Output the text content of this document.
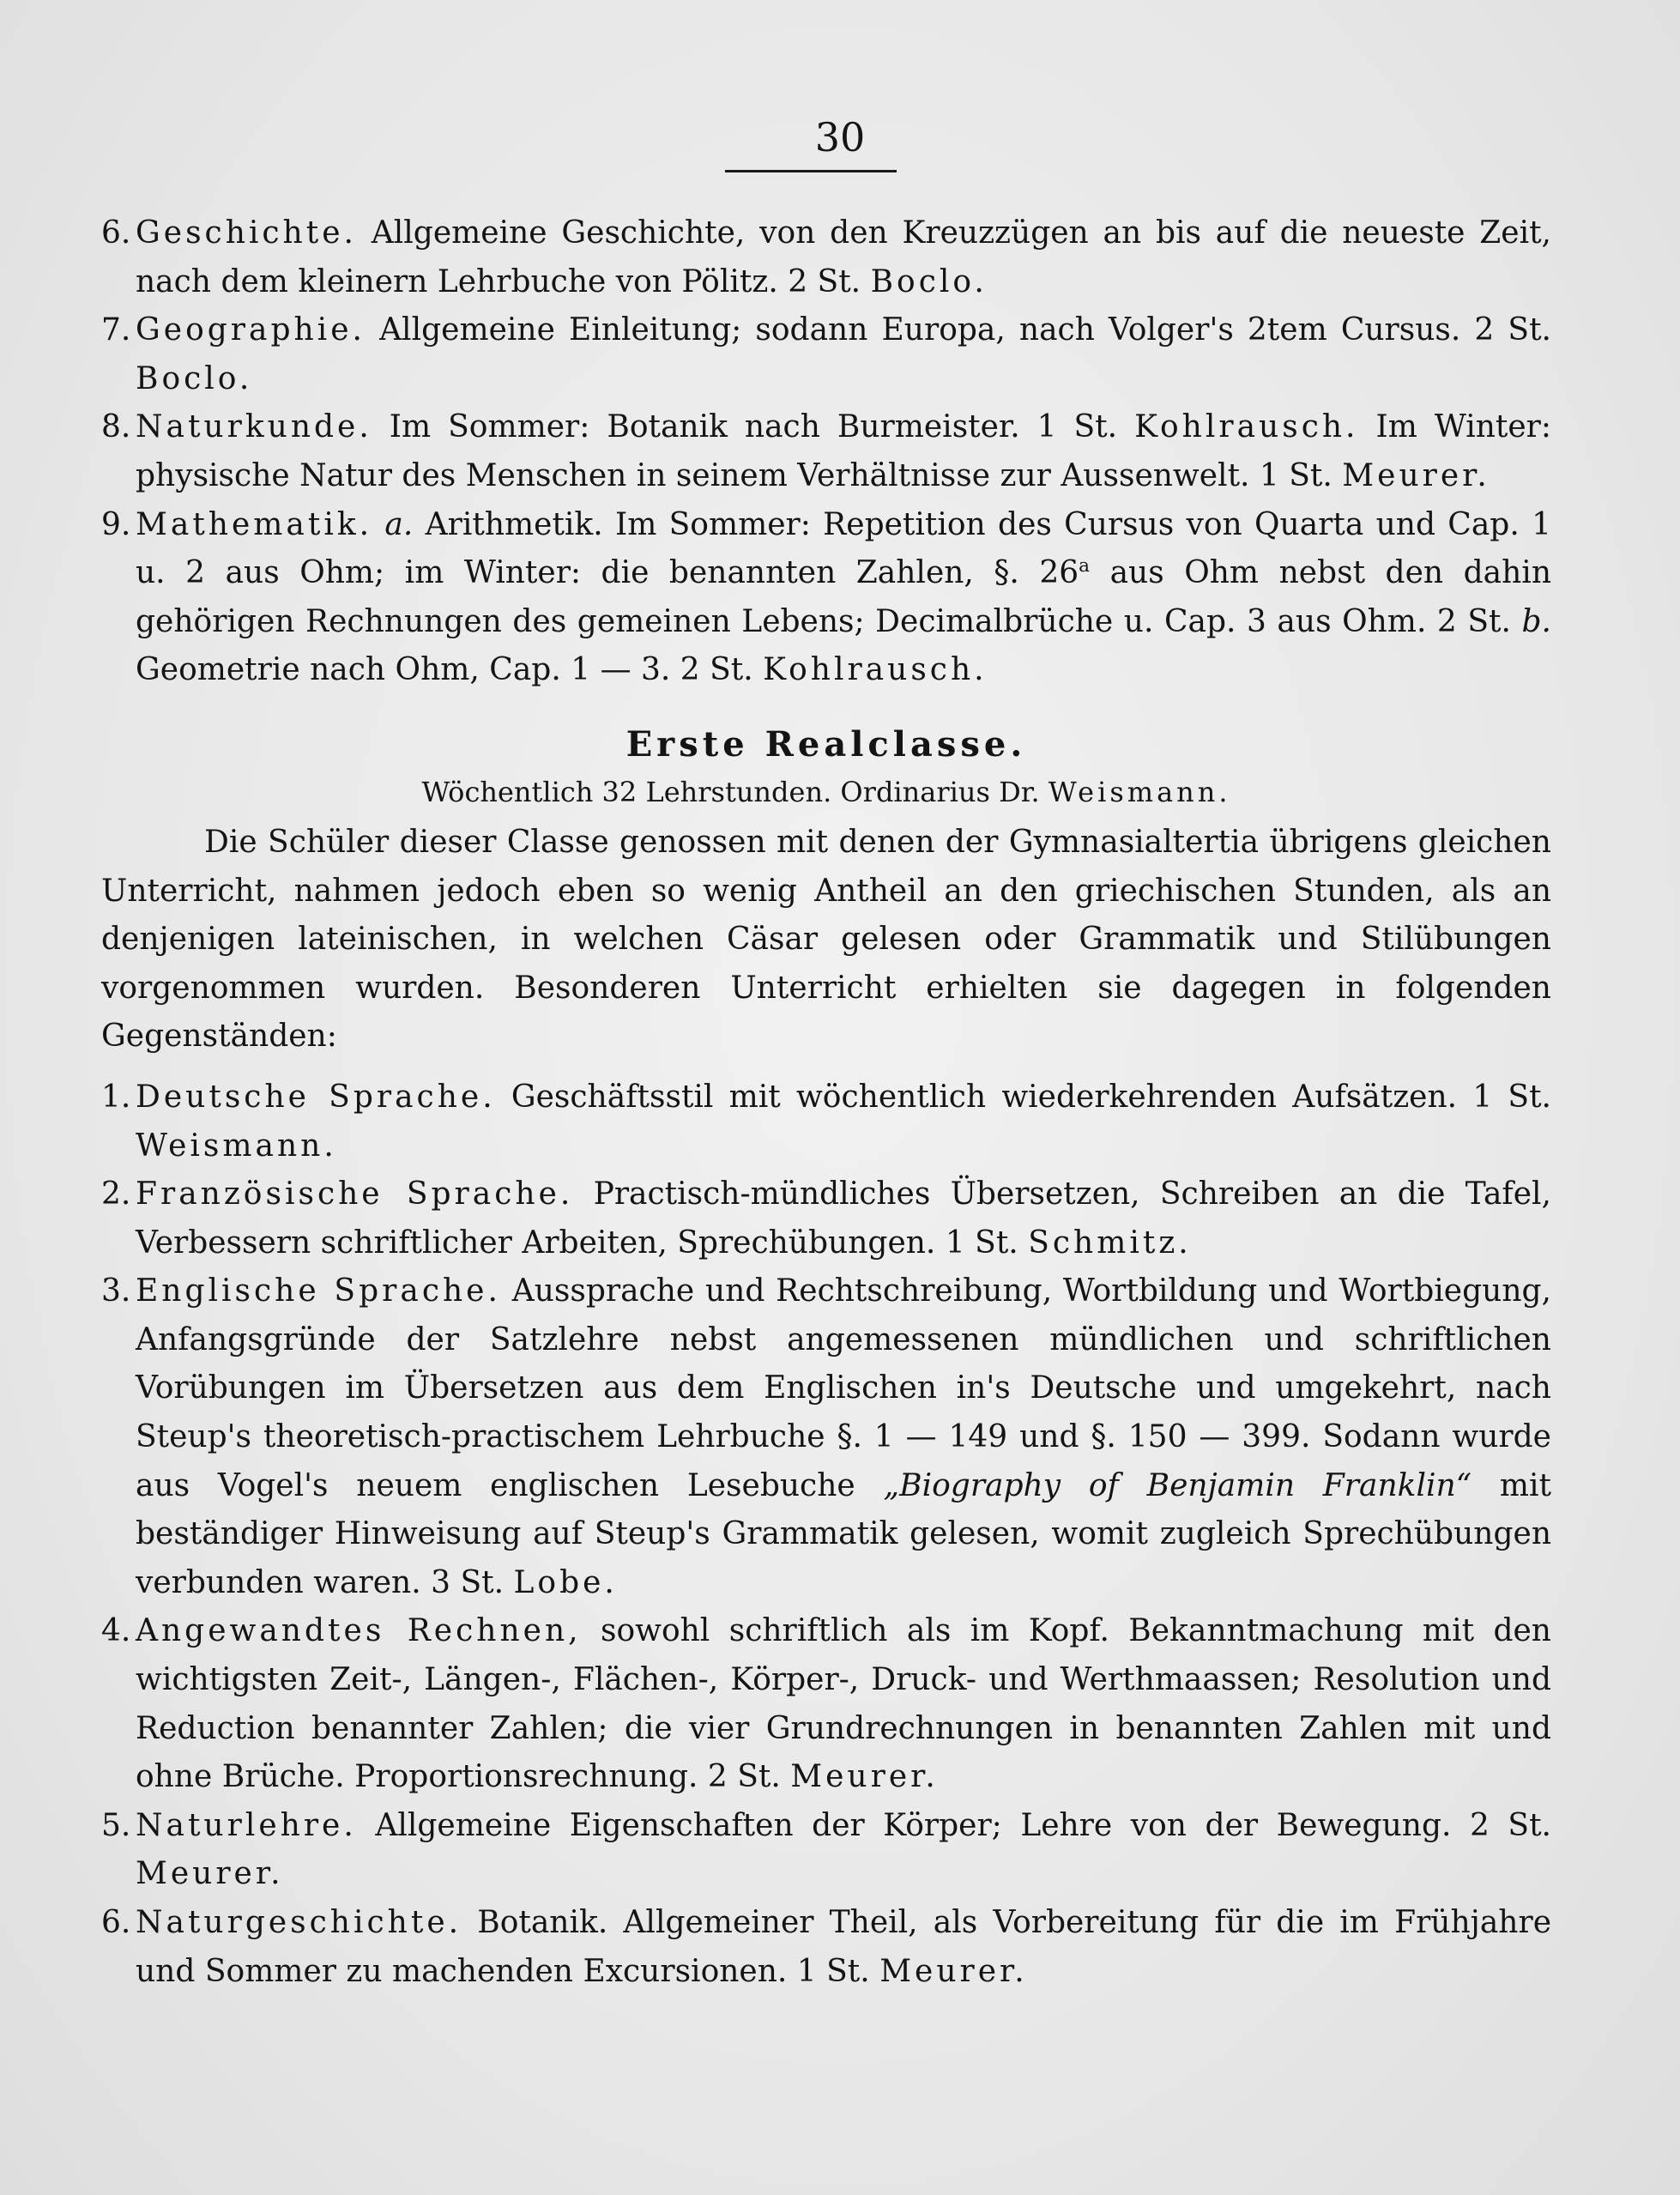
30

6. Geschichte. Allgemeine Geschichte, von den Kreuzzügen an bis auf die neueste Zeit, nach dem kleinern Lehrbuche von Pölitz. 2 St. Boclo.

7. Geographie. Allgemeine Einleitung; sodann Europa, nach Volger's 2tem Cursus. 2 St. Boclo.

8. Naturkunde. Im Sommer: Botanik nach Burmeister. 1 St. Kohlrausch. Im Winter: physische Natur des Menschen in seinem Verhältnisse zur Aussenwelt. 1 St. Meurer.

9. Mathematik. a. Arithmetik. Im Sommer: Repetition des Cursus von Quarta und Cap. 1 u. 2 aus Ohm; im Winter: die benannten Zahlen, §. 26$^a$ aus Ohm nebst den dahin gehörigen Rechnungen des gemeinen Lebens; Decimalbrüche u. Cap. 3 aus Ohm. 2 St. b. Geometrie nach Ohm, Cap. 1 — 3. 2 St. Kohlrausch.

Erste Realclasse.
Wöchentlich 32 Lehrstunden. Ordinarius Dr. Weismann.

Die Schüler dieser Classe genossen mit denen der Gymnasialtertia übrigens gleichen Unterricht, nahmen jedoch eben so wenig Antheil an den griechischen Stunden, als an denjenigen lateinischen, in welchen Cäsar gelesen oder Grammatik und Stilübungen vorgenommen wurden. Besonderen Unterricht erhielten sie dagegen in folgenden Gegenständen:

1. Deutsche Sprache. Geschäftsstil mit wöchentlich wiederkehrenden Aufsätzen. 1 St. Weismann.

2. Französische Sprache. Practisch-mündliches Übersetzen, Schreiben an die Tafel, Verbessern schriftlicher Arbeiten, Sprechübungen. 1 St. Schmitz.

3. Englische Sprache. Aussprache und Rechtschreibung, Wortbildung und Wortbiegung, Anfangsgründe der Satzlehre nebst angemessenen mündlichen und schriftlichen Vorübungen im Übersetzen aus dem Englischen in's Deutsche und umgekehrt, nach Steup's theoretisch-practischem Lehrbuche §. 1 — 149 und §. 150 — 399. Sodann wurde aus Vogel's neuem englischen Lesebuche „Biography of Benjamin Franklin“ mit beständiger Hinweisung auf Steup's Grammatik gelesen, womit zugleich Sprechübungen verbunden waren. 3 St. Lobe.

4. Angewandtes Rechnen, sowohl schriftlich als im Kopf. Bekanntmachung mit den wichtigsten Zeit-, Längen-, Flächen-, Körper-, Druck- und Werthmaassen; Resolution und Reduction benannter Zahlen; die vier Grundrechnungen in benannten Zahlen mit und ohne Brüche. Proportionsrechnung. 2 St. Meurer.

5. Naturlehre. Allgemeine Eigenschaften der Körper; Lehre von der Bewegung. 2 St. Meurer.

6. Naturgeschichte. Botanik. Allgemeiner Theil, als Vorbereitung für die im Frühjahre und Sommer zu machenden Excursionen. 1 St. Meurer.
